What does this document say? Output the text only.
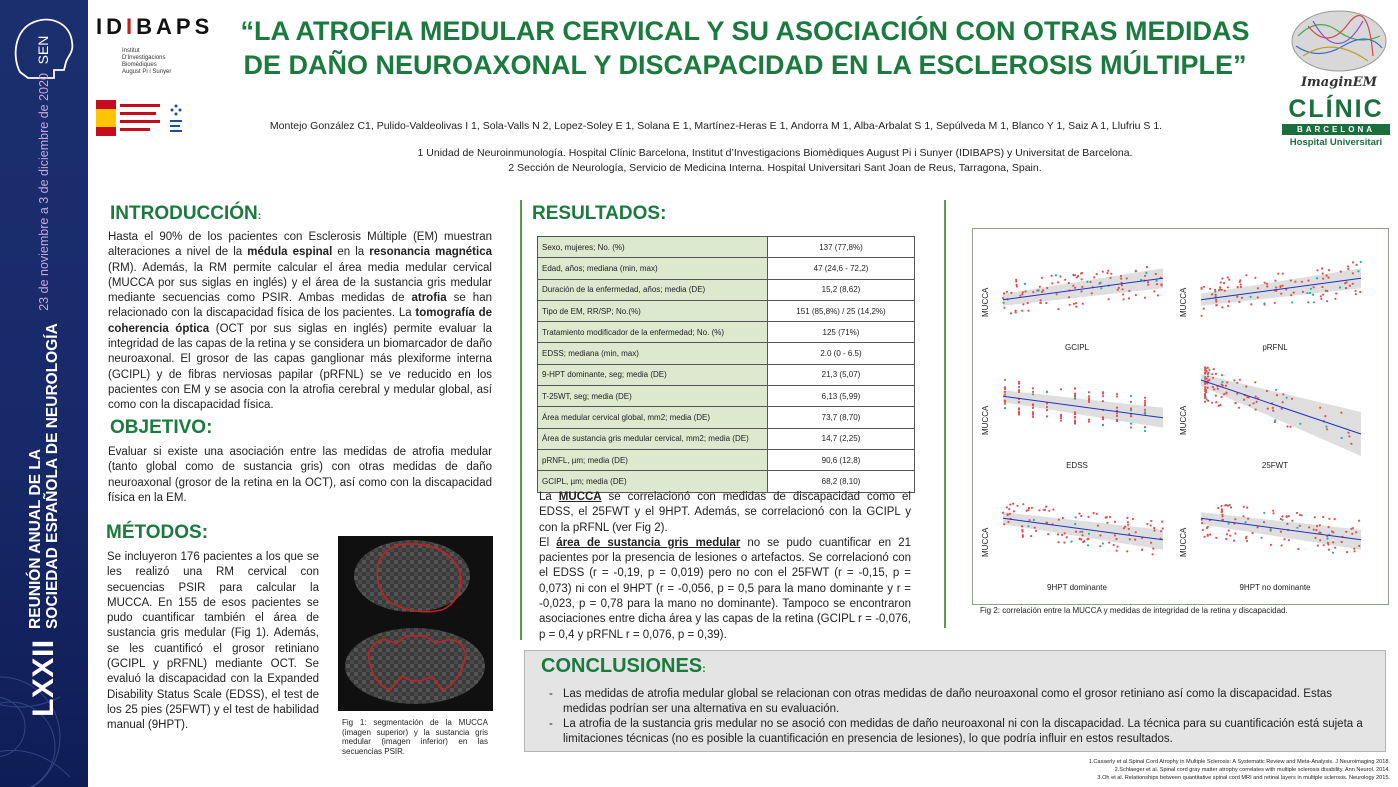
SEN
LXXII
REUNIÓN ANUAL DE LA SOCIEDAD ESPAÑOLA DE NEUROLOGÍA
23 de noviembre a 3 de diciembre de 2020
IDIBAPS
Institut
D'Investigacions
Biomèdiques
August Pi i Sunyer
ImaginEM
CLÍNIC
BARCELONA
Hospital Universitari
“LA ATROFIA MEDULAR CERVICAL Y SU ASOCIACIÓN CON OTRAS MEDIDAS DE DAÑO NEUROAXONAL Y DISCAPACIDAD EN LA ESCLEROSIS MÚLTIPLE”
Montejo González C1, Pulido-Valdeolivas I 1, Sola-Valls N 2, Lopez-Soley E 1, Solana E 1, Martínez-Heras E 1, Andorra M 1, Alba-Arbalat S 1, Sepúlveda M 1, Blanco Y 1, Saiz A 1, Llufriu S 1.
1 Unidad de Neuroinmunología. Hospital Clínic Barcelona, Institut d’Investigacions Biomèdiques August Pi i Sunyer (IDIBAPS) y Universitat de Barcelona.
2 Sección de Neurología, Servicio de Medicina Interna. Hospital Universitari Sant Joan de Reus, Tarragona, Spain.
INTRODUCCIÓN:
Hasta el 90% de los pacientes con Esclerosis Múltiple (EM) muestran alteraciones a nivel de la médula espinal en la resonancia magnética (RM). Además, la RM permite calcular el área media medular cervical (MUCCA por sus siglas en inglés) y el área de la sustancia gris medular mediante secuencias como PSIR. Ambas medidas de atrofia se han relacionado con la discapacidad física de los pacientes. La tomografía de coherencia óptica (OCT por sus siglas en inglés) permite evaluar la integridad de las capas de la retina y se considera un biomarcador de daño neuroaxonal. El grosor de las capas ganglionar más plexiforme interna (GCIPL) y de fibras nerviosas papilar (pRFNL) se ve reducido en los pacientes con EM y se asocia con la atrofia cerebral y medular global, así como con la discapacidad física.
OBJETIVO:
Evaluar si existe una asociación entre las medidas de atrofia medular (tanto global como de sustancia gris) con otras medidas de daño neuroaxonal (grosor de la retina en la OCT), así como con la discapacidad física en la EM.
MÉTODOS:
Se incluyeron 176 pacientes a los que se les realizó una RM cervical con secuencias PSIR para calcular la MUCCA. En 155 de esos pacientes se pudo cuantificar también el área de sustancia gris medular (Fig 1). Además, se les cuantificó el grosor retiniano (GCIPL y pRFNL) mediante OCT. Se evaluó la discapacidad con la Expanded Disability Status Scale (EDSS), el test de los 25 pies (25FWT) y el test de habilidad manual (9HPT).	Fig 1: segmentación de la MUCCA (imagen superior) y la sustancia gris medular (imagen inferior) en las secuencias PSIR.
RESULTADOS:
Sexo, mujeres; No. (%)	137 (77,8%)
Edad, años; mediana (min, max)	47 (24,6 - 72,2)
Duración de la enfermedad, años; media (DE)	15,2 (8,62)
Tipo de EM, RR/SP; No.(%)	151 (85,8%) / 25 (14,2%)
Tratamiento modificador de la enfermedad; No. (%)	125 (71%)
EDSS; mediana (min, max)	2.0 (0 - 6.5)
9-HPT dominante, seg; media (DE)	21,3 (5,07)
T-25WT, seg; media (DE)	6,13 (5,99)
Área medular cervical global, mm2; media (DE)	73,7 (8,70)
Área de sustancia gris medular cervical, mm2; media (DE)	14,7 (2,25)
pRNFL, µm; media (DE)	90,6 (12,8)
GCIPL, µm; media (DE)	68,2 (8,10)
La MUCCA se correlacionó con medidas de discapacidad como el EDSS, el 25FWT y el 9HPT. Además, se correlacionó con la GCIPL y con la pRFNL (ver Fig 2).
El área de sustancia gris medular no se pudo cuantificar en 21 pacientes por la presencia de lesiones o artefactos. Se correlacionó con el EDSS (r = -0,19, p = 0,019) pero no con el 25FWT (r = -0,15, p = 0,073) ni con el 9HPT (r = -0,056, p = 0,5 para la mano dominante y r = -0,023, p = 0,78 para la mano no dominante). Tampoco se encontraron asociaciones entre dicha área y las capas de la retina (GCIPL r = -0,076, p = 0,4 y pRFNL r = 0,076, p = 0,39).
MUCCA
GCIPL
MUCCA
pRFNL
MUCCA
EDSS
MUCCA
25FWT
MUCCA
9HPT dominante
MUCCA
9HPT no dominante
Fig 2: correlación entre la MUCCA y medidas de integridad de la retina y discapacidad.
CONCLUSIONES:
- Las medidas de atrofia medular global se relacionan con otras medidas de daño neuroaxonal como el grosor retiniano así como la discapacidad. Estas medidas podrían ser una alternativa en su evaluación.
- La atrofia de la sustancia gris medular no se asoció con medidas de daño neuroaxonal ni con la discapacidad. La técnica para su cuantificación está sujeta a limitaciones técnicas (no es posible la cuantificación en presencia de lesiones), lo que podría influir en estos resultados.
1.Casserly et al.Spinal Cord Atrophy in Multiple Sclerosis: A Systematic Review and Meta-Analysis. J Neuroimaging 2018.
2.Schlaeger et al. Spinal cord gray matter atrophy correlates with multiple sclerosis disability. Ann Neurol. 2014.
3.Oh et al. Relationships between quantitative spinal cord MRI and retinal layers in multiple sclerosis. Neurology 2015.
